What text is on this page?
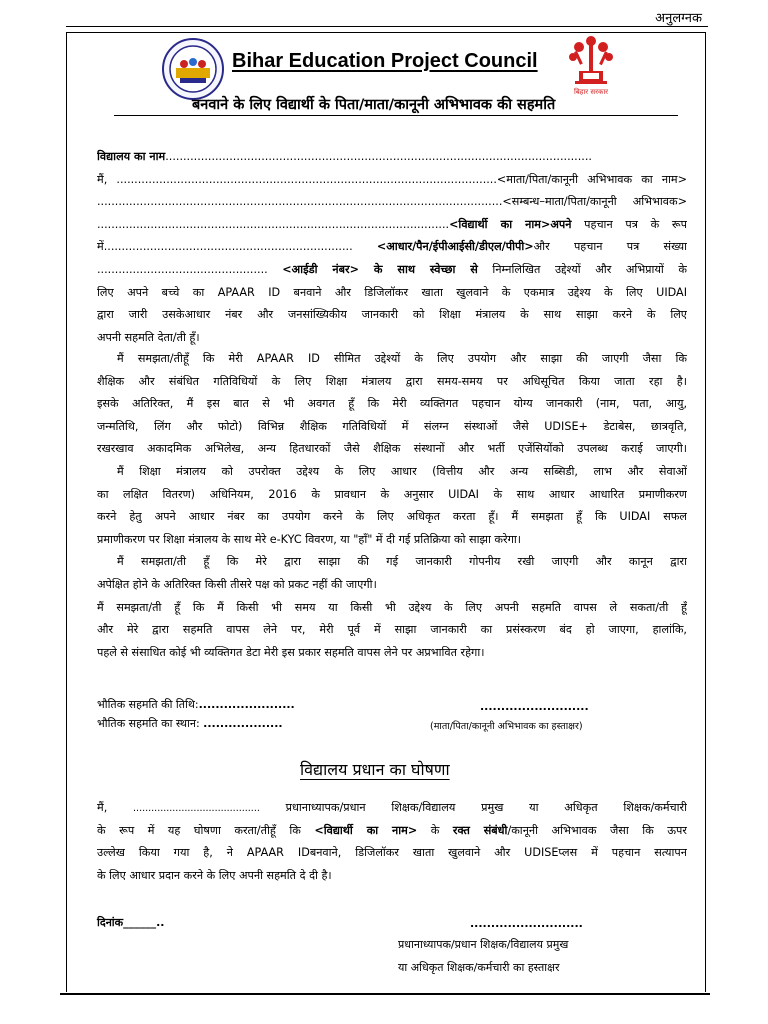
अनुलग्नक
बिहार सरकार
Bihar Education Project Council
बनवाने के लिए विद्यार्थी के पिता/माता/कानूनी अभिभावक की सहमति
विद्यालय का नाम........................................................................................................................
मैं, ...........................................................................................................<माता/पिता/कानूनी अभिभावक का नाम>
..................................................................................................................<सम्बन्ध–माता/पिता/कानूनी अभिभावक>
...................................................................................................<विद्यार्थी का नाम>अपने पहचान पत्र के रूप
में...................................................................... <आधार/पैन/ईपीआईसी/डीएल/पीपी>और पहचान पत्र संख्या
................................................ <आईडी नंबर> के साथ स्वेच्छा से निम्नलिखित उद्देश्यों और अभिप्रायों के
लिए अपने बच्चे का APAAR ID बनवाने और डिजिलॉकर खाता खुलवाने के एकमात्र उद्देश्य के लिए UIDAI
द्वारा जारी उसकेआधार नंबर और जनसांख्यिकीय जानकारी को शिक्षा मंत्रालय के साथ साझा करने के लिए
अपनी सहमति देता/ती हूँ।
मैं समझता/तीहूँ कि मेरी APAAR ID सीमित उद्देश्यों के लिए उपयोग और साझा की जाएगी जैसा कि
शैक्षिक और संबंधित गतिविधियों के लिए शिक्षा मंत्रालय द्वारा समय-समय पर अधिसूचित किया जाता रहा है।
इसके अतिरिक्त, मैं इस बात से भी अवगत हूँ कि मेरी व्यक्तिगत पहचान योग्य जानकारी (नाम, पता, आयु,
जन्मतिथि, लिंग और फोटो) विभिन्न शैक्षिक गतिविधियों में संलग्न संस्थाओं जैसे UDISE+ डेटाबेस, छात्रवृति,
रखरखाव अकादमिक अभिलेख, अन्य हितधारकों जैसे शैक्षिक संस्थानों और भर्ती एजेंसियोंको उपलब्ध कराई जाएगी।
मैं शिक्षा मंत्रालय को उपरोक्त उद्देश्य के लिए आधार (वित्तीय और अन्य सब्सिडी, लाभ और सेवाओं
का लक्षित वितरण) अधिनियम, 2016 के प्रावधान के अनुसार UIDAI के साथ आधार आधारित प्रमाणीकरण
करने हेतु अपने आधार नंबर का उपयोग करने के लिए अधिकृत करता हूँ। मैं समझता हूँ कि UIDAI सफल
प्रमाणीकरण पर शिक्षा मंत्रालय के साथ मेरे e-KYC विवरण, या "हाँ" में दी गई प्रतिक्रिया को साझा करेगा।
मैं समझता/ती हूँ कि मेरे द्वारा साझा की गई जानकारी गोपनीय रखी जाएगी और कानून द्वारा
अपेक्षित होने के अतिरिक्त किसी तीसरे पक्ष को प्रकट नहीं की जाएगी।
मैं समझता/ती हूँ कि मैं किसी भी समय या किसी भी उद्देश्य के लिए अपनी सहमति वापस ले सकता/ती हूँ
और मेरे द्वारा सहमति वापस लेने पर, मेरी पूर्व में साझा जानकारी का प्रसंस्करण बंद हो जाएगा, हालांकि,
पहले से संसाधित कोई भी व्यक्तिगत डेटा मेरी इस प्रकार सहमति वापस लेने पर अप्रभावित रहेगा।
भौतिक सहमति की तिथि:.......................	..........................
भौतिक सहमति का स्थान: ...................	(माता/पिता/कानूनी अभिभावक का हस्ताक्षर)
विद्यालय प्रधान का घोषणा
मैं,	.......................................... प्रधानाध्यापक/प्रधान शिक्षक/विद्यालय प्रमुख या अधिकृत शिक्षक/कर्मचारी
के रूप में यह घोषणा करता/तीहूँ कि <विद्यार्थी का नाम> के रक्त संबंधी/कानूनी अभिभावक जैसा कि ऊपर
उल्लेख किया गया है, ने APAAR IDबनवाने, डिजिलॉकर खाता खुलवाने और UDISEप्लस में पहचान सत्यापन
के लिए आधार प्रदान करने के लिए अपनी सहमति दे दी है।
दिनांक______..	...........................
प्रधानाध्यापक/प्रधान शिक्षक/विद्यालय प्रमुख
या अधिकृत शिक्षक/कर्मचारी का हस्ताक्षर
